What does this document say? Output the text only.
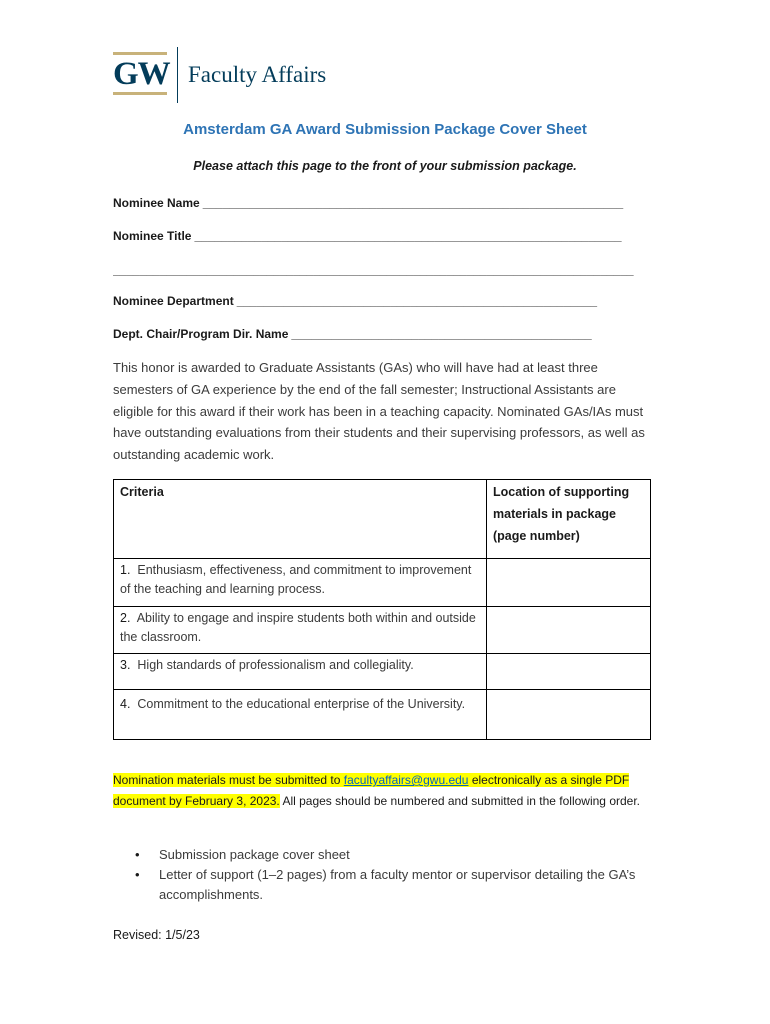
GW Faculty Affairs
Amsterdam GA Award Submission Package Cover Sheet
Please attach this page to the front of your submission package.
Nominee Name _______________________________________________________________
Nominee Title ________________________________________________________________
______________________________________________________________________________
Nominee Department ______________________________________________________
Dept. Chair/Program Dir. Name _____________________________________________
This honor is awarded to Graduate Assistants (GAs) who will have had at least three semesters of GA experience by the end of the fall semester; Instructional Assistants are eligible for this award if their work has been in a teaching capacity. Nominated GAs/IAs must have outstanding evaluations from their students and their supervising professors, as well as outstanding academic work.
Criteria	Location of supporting materials in package (page number)

1. Enthusiasm, effectiveness, and commitment to improvement of the teaching and learning process.	

2. Ability to engage and inspire students both within and outside the classroom.	

3. High standards of professionalism and collegiality.	

4. Commitment to the educational enterprise of the University.	

Nomination materials must be submitted to facultyaffairs@gwu.edu electronically as a single PDF document by February 3, 2023. All pages should be numbered and submitted in the following order.
• Submission package cover sheet
• Letter of support (1–2 pages) from a faculty mentor or supervisor detailing the GA’s accomplishments.
Revised: 1/5/23
